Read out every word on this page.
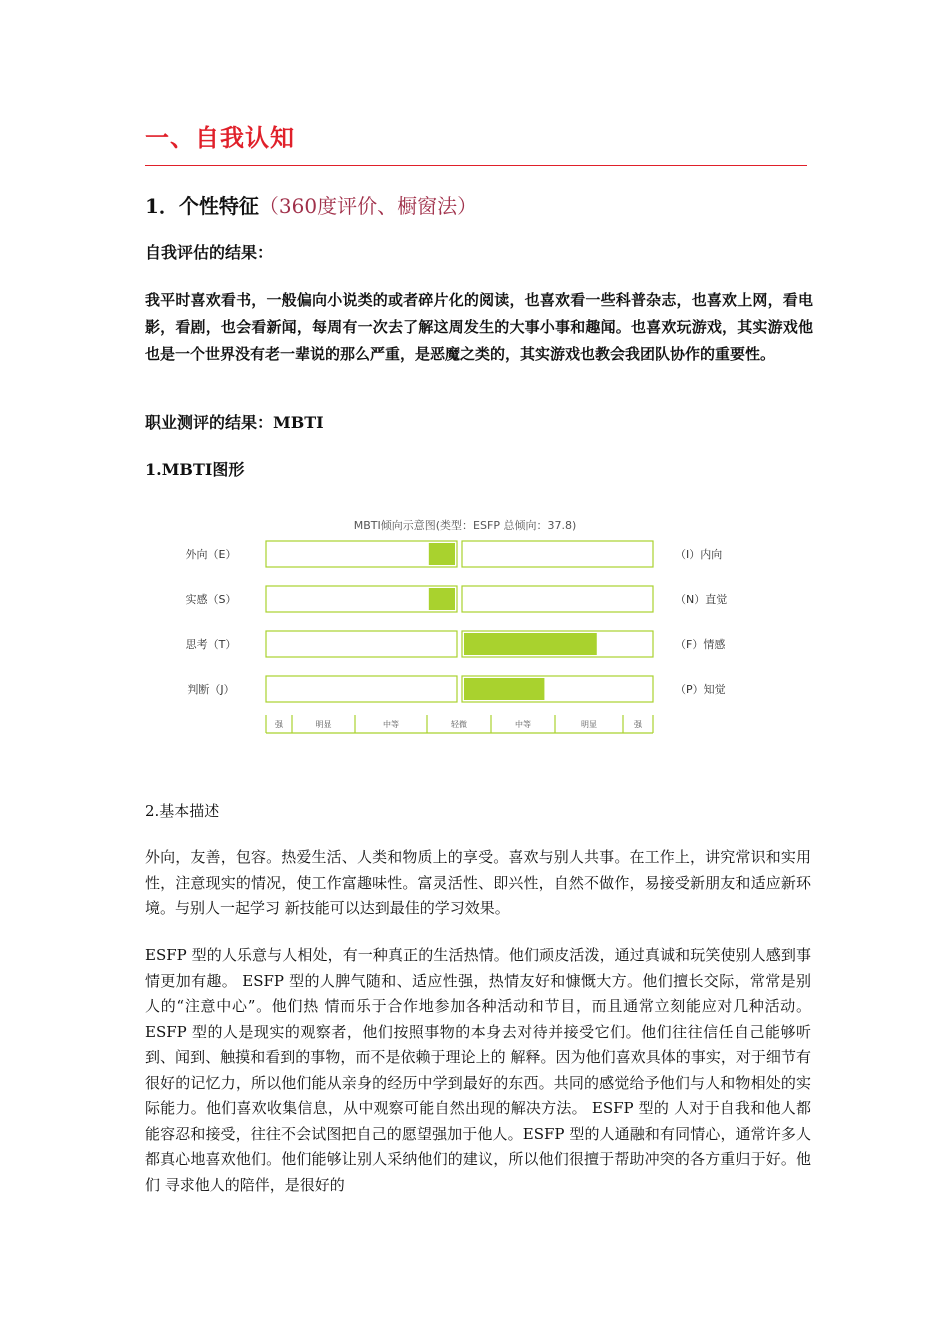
一、自我认知
1．个性特征（360度评价、橱窗法）
自我评估的结果：
我平时喜欢看书，一般偏向小说类的或者碎片化的阅读，也喜欢看一些科普杂志，也喜欢上网，看电影，看剧，也会看新闻，每周有一次去了解这周发生的大事小事和趣闻。也喜欢玩游戏，其实游戏他也是一个世界没有老一辈说的那么严重，是恶魔之类的，其实游戏也教会我团队协作的重要性。
职业测评的结果：MBTI
1.MBTI图形
MBTI倾向示意图(类型：ESFP 总倾向：37.8)
外向（E）	（I）内向
实感（S）	（N）直觉
思考（T）	（F）情感
判断（J）	（P）知觉
强	明显	中等	轻微	中等	明显	强
2.基本描述
外向，友善，包容。热爱生活、人类和物质上的享受。喜欢与别人共事。在工作上，讲究常识和实用性，注意现实的情况，使工作富趣味性。富灵活性、即兴性，自然不做作，易接受新朋友和适应新环境。与别人一起学习 新技能可以达到最佳的学习效果。
ESFP 型的人乐意与人相处，有一种真正的生活热情。他们顽皮活泼，通过真诚和玩笑使别人感到事情更加有趣。 ESFP 型的人脾气随和、适应性强，热情友好和慷慨大方。他们擅长交际，常常是别人的“注意中心”。他们热 情而乐于合作地参加各种活动和节目，而且通常立刻能应对几种活动。ESFP 型的人是现实的观察者，他们按照事物的本身去对待并接受它们。他们往往信任自己能够听到、闻到、触摸和看到的事物，而不是依赖于理论上的 解释。因为他们喜欢具体的事实，对于细节有很好的记忆力，所以他们能从亲身的经历中学到最好的东西。共同的感觉给予他们与人和物相处的实际能力。他们喜欢收集信息，从中观察可能自然出现的解决方法。 ESFP 型的 人对于自我和他人都能容忍和接受，往往不会试图把自己的愿望强加于他人。ESFP 型的人通融和有同情心，通常许多人都真心地喜欢他们。他们能够让别人采纳他们的建议，所以他们很擅于帮助冲突的各方重归于好。他们 寻求他人的陪伴，是很好的
